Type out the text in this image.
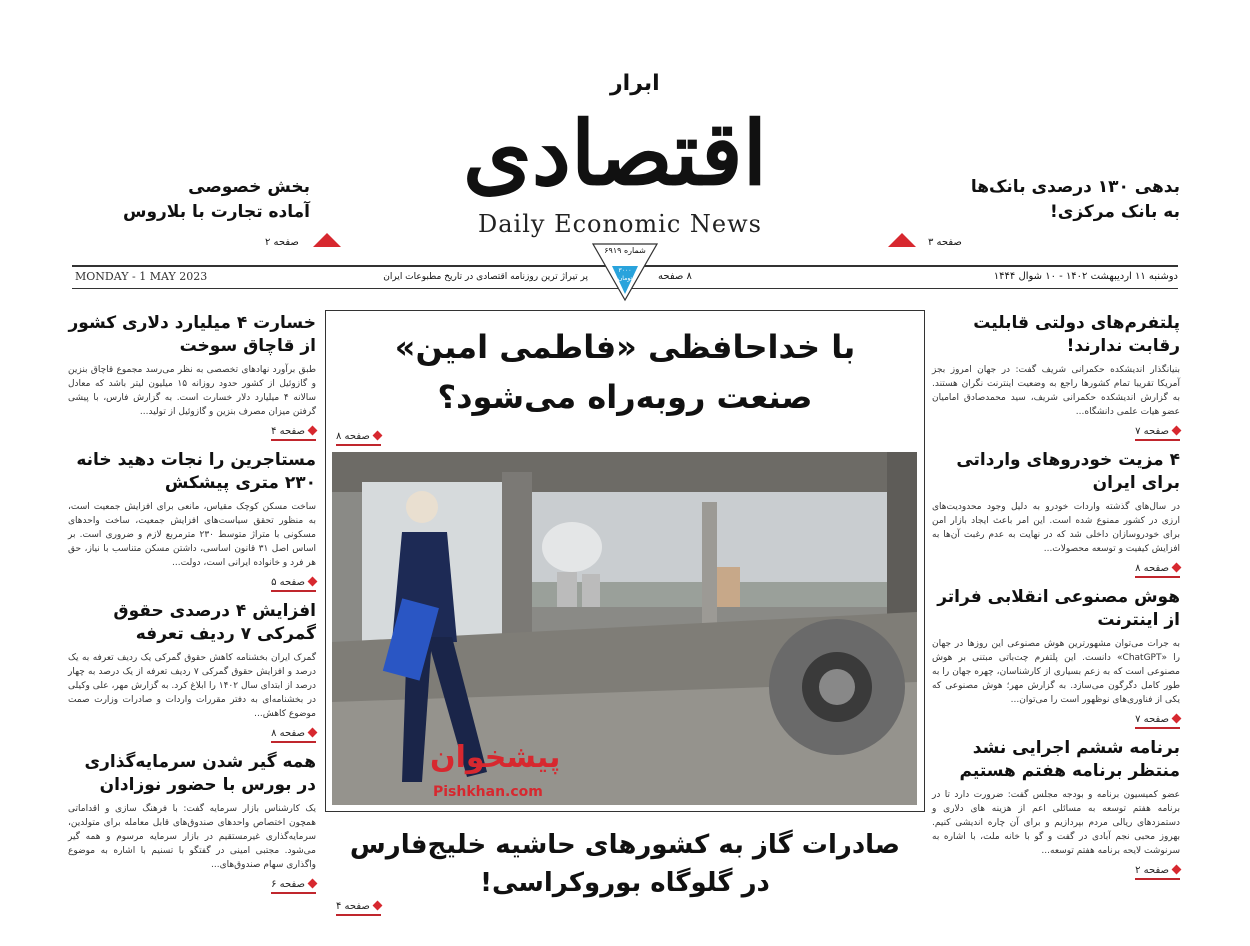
ابرار
اقتصادی
Daily Economic News
بدهی ۱۳۰ درصدی بانک‌ها
به بانک مرکزی!
صفحه ۳
بخش خصوصی
آماده تجارت با بلاروس
صفحه ۲
شماره ۶۹۱۹
۳۰۰۰ تومان
MONDAY - 1 MAY 2023	پر تیراژ ترین روزنامه اقتصادی در تاریخ مطبوعات ایران	۸ صفحه	دوشنبه ۱۱ اردیبهشت ۱۴۰۲ - ۱۰ شوال ۱۴۴۴
پلتفرم‌های دولتی قابلیت رقابت ندارند!

بنیانگذار اندیشکده حکمرانی شریف گفت: در جهان امروز بجز آمریکا تقریبا تمام کشورها راجع به وضعیت اینترنت نگران هستند. به گزارش اندیشکده حکمرانی شریف، سید محمدصادق امامیان عضو هیات علمی دانشگاه...

صفحه ۷
۴ مزیت خودروهای وارداتی برای ایران

در سال‌های گذشته واردات خودرو به دلیل وجود محدودیت‌های ارزی در کشور ممنوع شده است. این امر باعث ایجاد بازار امن برای خودروسازان داخلی شد که در نهایت به عدم رغبت آن‌ها به افزایش کیفیت و توسعه محصولات...

صفحه ۸
هوش مصنوعی انقلابی فراتر از اینترنت

به جرات می‌توان مشهورترین هوش مصنوعی این روزها در جهان را «ChatGPT» دانست. این پلتفرم چت‌باتی مبتنی بر هوش مصنوعی است که به زعم بسیاری از کارشناسان، چهره جهان را به طور کامل دگرگون می‌سازد. به گزارش مهر؛ هوش مصنوعی که یکی از فناوری‌های نوظهور است را می‌توان...

صفحه ۷
برنامه ششم اجرایی نشد منتظر برنامه هفتم هستیم

عضو کمیسیون برنامه و بودجه مجلس گفت: ضرورت دارد تا در برنامه هفتم توسعه به مسائلی اعم از هزینه های دلاری و دستمزدهای ریالی مردم بپردازیم و برای آن چاره اندیشی کنیم. بهروز محبی نجم آبادی در گفت و گو با خانه ملت، با اشاره به سرنوشت لایحه برنامه هفتم توسعه...

صفحه ۲
خسارت ۴ میلیارد دلاری کشور از قاچاق سوخت

طبق برآورد نهادهای تخصصی به نظر می‌رسد مجموع قاچاق بنزین و گازوئیل از کشور حدود روزانه ۱۵ میلیون لیتر باشد که معادل سالانه ۴ میلیارد دلار خسارت است. به گزارش فارس، با پیشی گرفتن میزان مصرف بنزین و گازوئیل از تولید...

صفحه ۴
مستاجرین را نجات دهید خانه ۲۳۰ متری پیشکش

ساخت مسکن کوچک مقیاس، مانعی برای افزایش جمعیت است، به منظور تحقق سیاست‌های افزایش جمعیت، ساخت واحدهای مسکونی با متراژ متوسط ۲۳۰ مترمربع لازم و ضروری است. بر اساس اصل ۳۱ قانون اساسی، داشتن مسکن متناسب با نیاز، حق هر فرد و خانواده ایرانی است، دولت...

صفحه ۵
افزایش ۴ درصدی حقوق گمرکی ۷ ردیف تعرفه

گمرک ایران بخشنامه کاهش حقوق گمرکی یک ردیف تعرفه به یک درصد و افزایش حقوق گمرکی ۷ ردیف تعرفه از یک درصد به چهار درصد از ابتدای سال ۱۴۰۲ را ابلاغ کرد. به گزارش مهر، علی وکیلی در بخشنامه‌ای به دفتر مقررات واردات و صادرات وزارت صمت موضوع کاهش...

صفحه ۸
همه گیر شدن سرمایه‌گذاری در بورس با حضور نوزادان

یک کارشناس بازار سرمایه گفت: با فرهنگ سازی و اقداماتی همچون اختصاص واحدهای صندوق‌های قابل معامله برای متولدین، سرمایه‌گذاری غیرمستقیم در بازار سرمایه مرسوم و همه گیر می‌شود. مجتبی امینی در گفتگو با تسنیم با اشاره به موضوع واگذاری سهام صندوق‌های...

صفحه ۶
با خداحافظی «فاطمی امین»
صنعت روبه‌راه می‌شود؟
صفحه ۸
پیشخوان
Pishkhan.com
صادرات گاز به کشورهای حاشیه خلیج‌فارس
در گلوگاه بوروکراسی!
صفحه ۴
